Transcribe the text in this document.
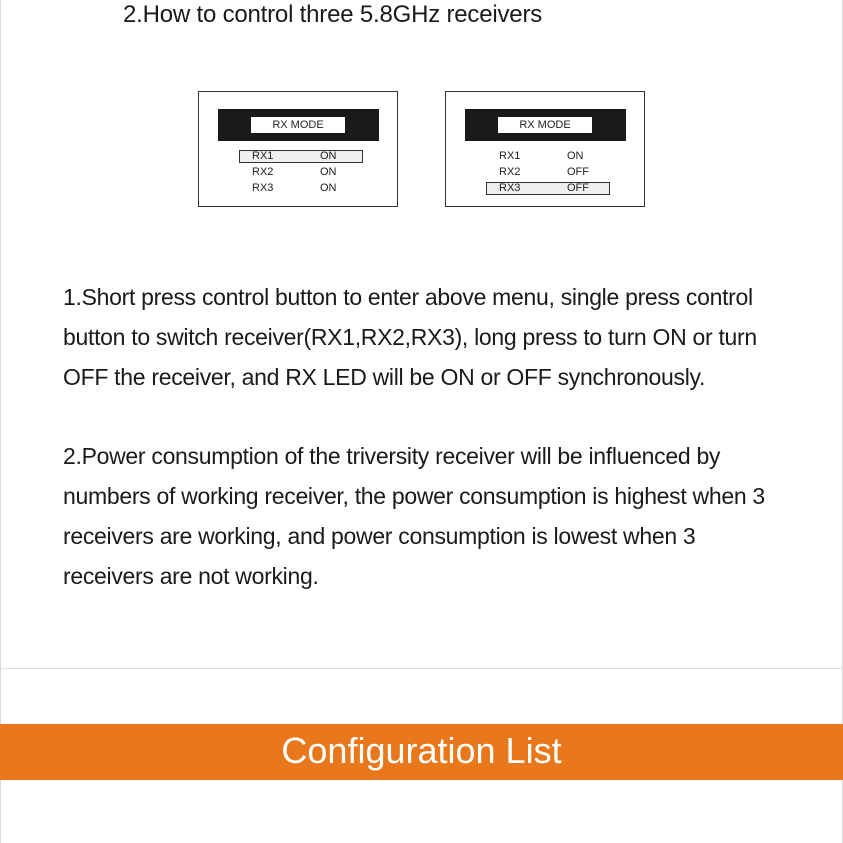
2.How to control three 5.8GHz receivers
RX MODE
RX1	ON
RX2	ON
RX3	ON
RX MODE
RX1	ON
RX2	OFF
RX3	OFF

1.Short press control button to enter above menu, single press control button to switch receiver(RX1,RX2,RX3), long press to turn ON or turn OFF the receiver, and RX LED will be ON or OFF synchronously.

2.Power consumption of the triversity receiver will be influenced by numbers of working receiver, the power consumption is highest when 3 receivers are working, and power consumption is lowest when 3 receivers are not working.

Configuration List
